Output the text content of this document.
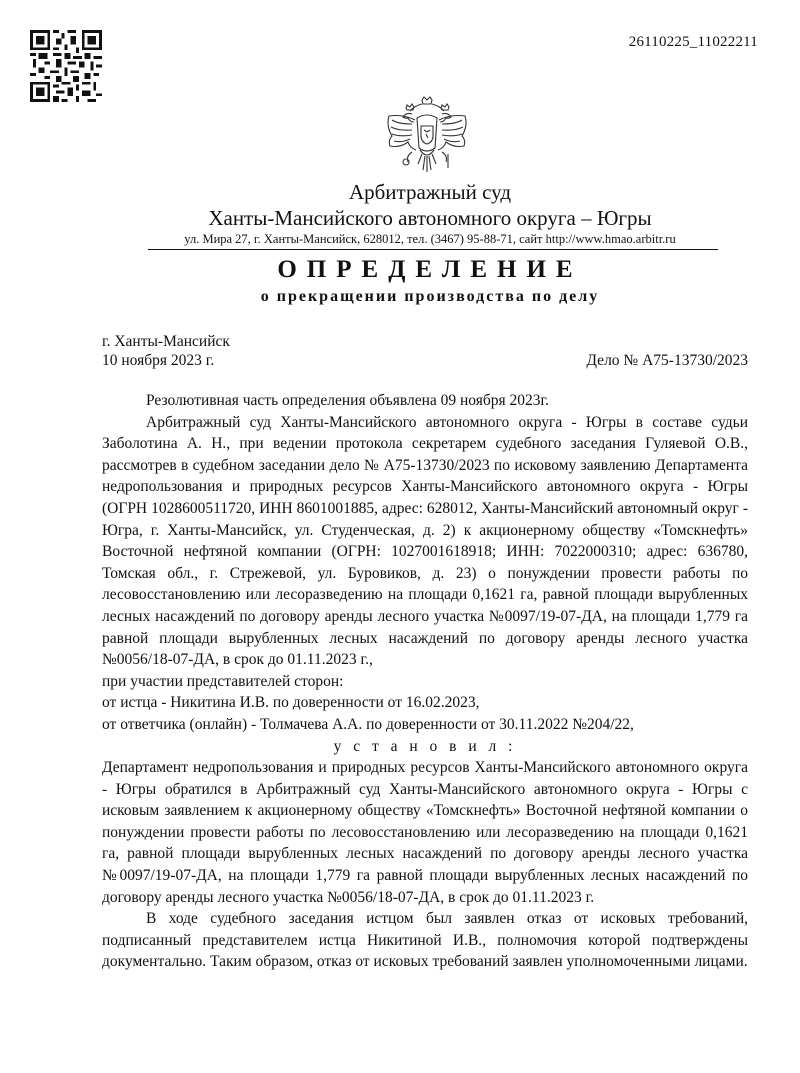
26110225_11022211
Арбитражный суд
Ханты-Мансийского автономного округа – Югры
ул. Мира 27, г. Ханты-Мансийск, 628012, тел. (3467) 95-88-71, сайт http://www.hmao.arbitr.ru
ОПРЕДЕЛЕНИЕ
о прекращении производства по делу
г. Ханты-Мансийск
10 ноября 2023 г.	Дело № А75-13730/2023

Резолютивная часть определения объявлена 09 ноября 2023г.

Арбитражный суд Ханты-Мансийского автономного округа - Югры в составе судьи Заболотина А. Н., при ведении протокола секретарем судебного заседания Гуляевой О.В., рассмотрев в судебном заседании дело № А75-13730/2023 по исковому заявлению Департамента недропользования и природных ресурсов Ханты-Мансийского автономного округа - Югры (ОГРН 1028600511720, ИНН 8601001885, адрес: 628012, Ханты-Мансийский автономный округ - Югра, г. Ханты-Мансийск, ул. Студенческая, д. 2) к акционерному обществу «Томскнефть» Восточной нефтяной компании (ОГРН: 1027001618918; ИНН: 7022000310; адрес: 636780, Томская обл., г. Стрежевой, ул. Буровиков, д. 23) о понуждении провести работы по лесовосстановлению или лесоразведению на площади 0,1621 га, равной площади вырубленных лесных насаждений по договору аренды лесного участка №0097/19-07-ДА, на площади 1,779 га равной площади вырубленных лесных насаждений по договору аренды лесного участка №0056/18-07-ДА, в срок до 01.11.2023 г.,

при участии представителей сторон:

от истца - Никитина И.В. по доверенности от 16.02.2023,

от ответчика (онлайн) - Толмачева А.А. по доверенности от 30.11.2022 №204/22,

у с т а н о в и л :

Департамент недропользования и природных ресурсов Ханты-Мансийского автономного округа - Югры обратился в Арбитражный суд Ханты-Мансийского автономного округа - Югры с исковым заявлением к акционерному обществу «Томскнефть» Восточной нефтяной компании о понуждении провести работы по лесовосстановлению или лесоразведению на площади 0,1621 га, равной площади вырубленных лесных насаждений по договору аренды лесного участка №0097/19-07-ДА, на площади 1,779 га равной площади вырубленных лесных насаждений по договору аренды лесного участка №0056/18-07-ДА, в срок до 01.11.2023 г.

В ходе судебного заседания истцом был заявлен отказ от исковых требований, подписанный представителем истца Никитиной И.В., полномочия которой подтверждены документально. Таким образом, отказ от исковых требований заявлен уполномоченными лицами.
